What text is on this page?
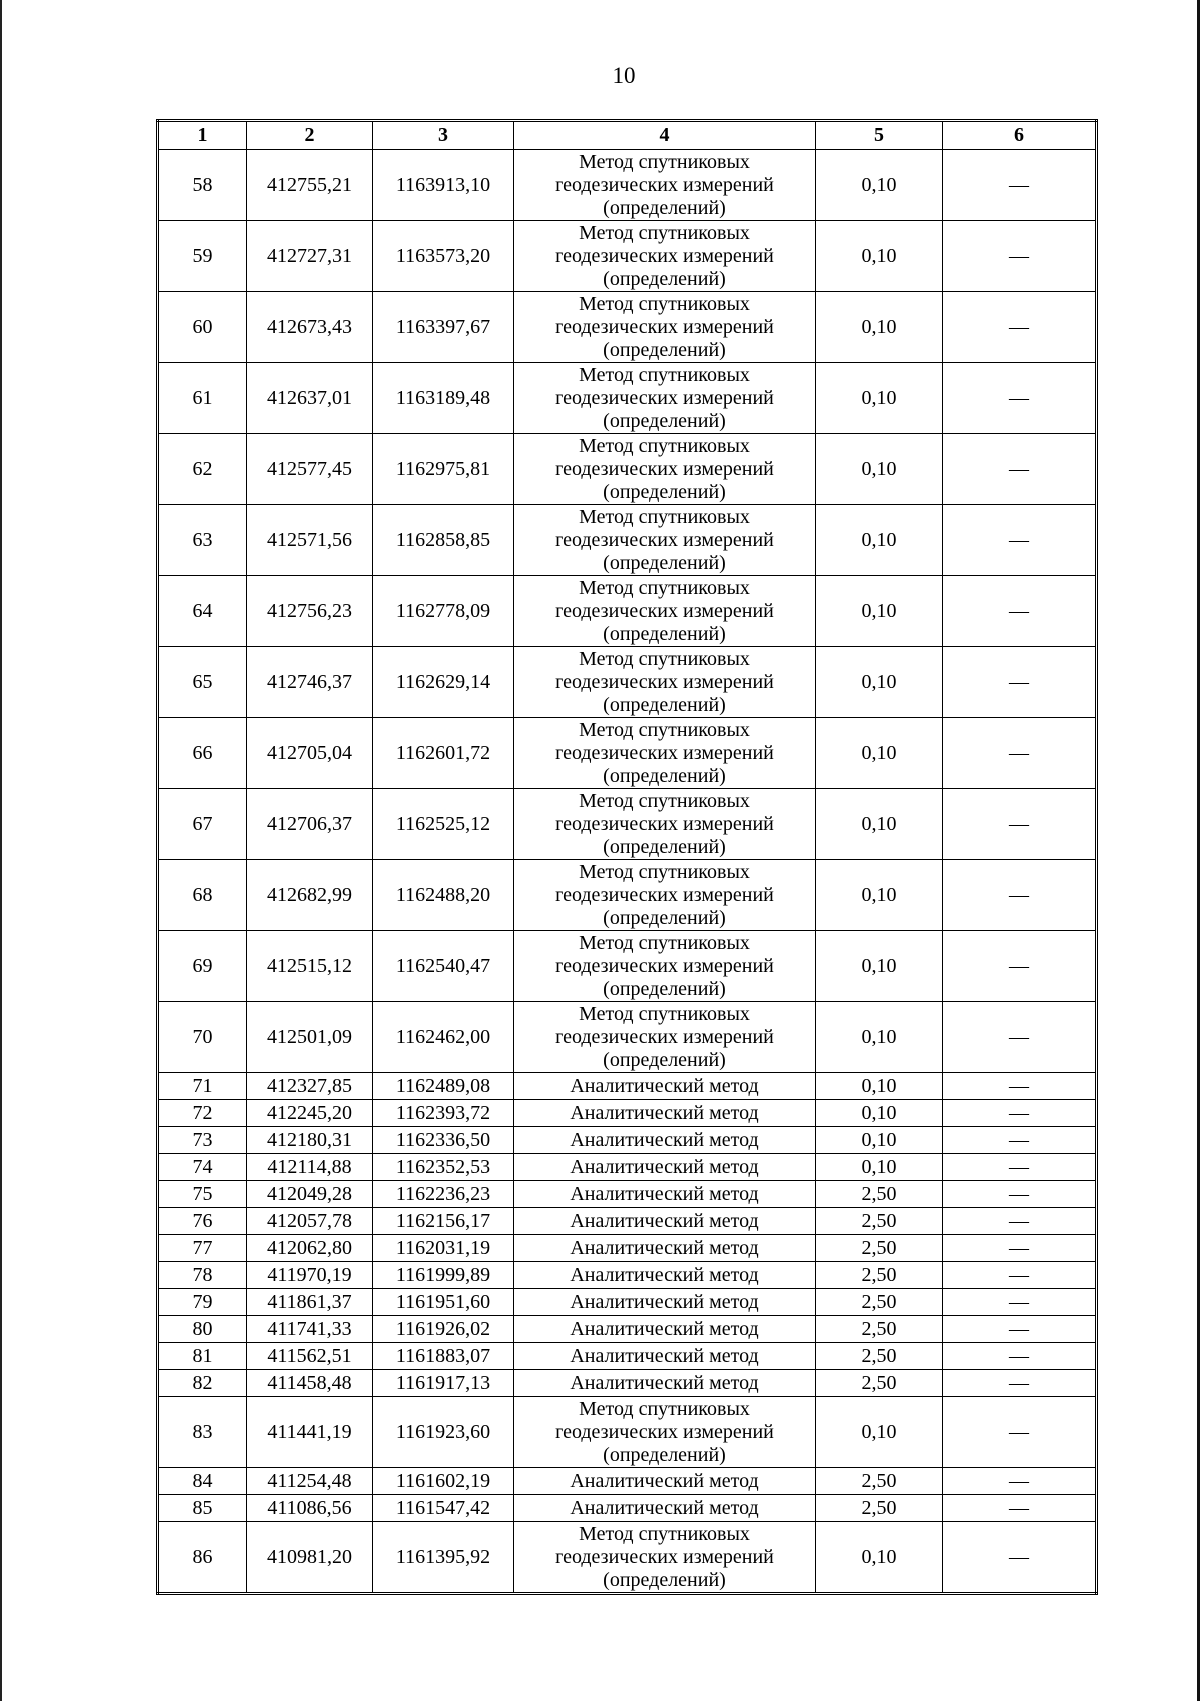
10
1	2	3	4	5	6
58	412755,21	1163913,10	Метод спутниковых
геодезических измерений
(определений)	0,10	—
59	412727,31	1163573,20	Метод спутниковых
геодезических измерений
(определений)	0,10	—
60	412673,43	1163397,67	Метод спутниковых
геодезических измерений
(определений)	0,10	—
61	412637,01	1163189,48	Метод спутниковых
геодезических измерений
(определений)	0,10	—
62	412577,45	1162975,81	Метод спутниковых
геодезических измерений
(определений)	0,10	—
63	412571,56	1162858,85	Метод спутниковых
геодезических измерений
(определений)	0,10	—
64	412756,23	1162778,09	Метод спутниковых
геодезических измерений
(определений)	0,10	—
65	412746,37	1162629,14	Метод спутниковых
геодезических измерений
(определений)	0,10	—
66	412705,04	1162601,72	Метод спутниковых
геодезических измерений
(определений)	0,10	—
67	412706,37	1162525,12	Метод спутниковых
геодезических измерений
(определений)	0,10	—
68	412682,99	1162488,20	Метод спутниковых
геодезических измерений
(определений)	0,10	—
69	412515,12	1162540,47	Метод спутниковых
геодезических измерений
(определений)	0,10	—
70	412501,09	1162462,00	Метод спутниковых
геодезических измерений
(определений)	0,10	—
71	412327,85	1162489,08	Аналитический метод	0,10	—
72	412245,20	1162393,72	Аналитический метод	0,10	—
73	412180,31	1162336,50	Аналитический метод	0,10	—
74	412114,88	1162352,53	Аналитический метод	0,10	—
75	412049,28	1162236,23	Аналитический метод	2,50	—
76	412057,78	1162156,17	Аналитический метод	2,50	—
77	412062,80	1162031,19	Аналитический метод	2,50	—
78	411970,19	1161999,89	Аналитический метод	2,50	—
79	411861,37	1161951,60	Аналитический метод	2,50	—
80	411741,33	1161926,02	Аналитический метод	2,50	—
81	411562,51	1161883,07	Аналитический метод	2,50	—
82	411458,48	1161917,13	Аналитический метод	2,50	—
83	411441,19	1161923,60	Метод спутниковых
геодезических измерений
(определений)	0,10	—
84	411254,48	1161602,19	Аналитический метод	2,50	—
85	411086,56	1161547,42	Аналитический метод	2,50	—
86	410981,20	1161395,92	Метод спутниковых
геодезических измерений
(определений)	0,10	—
